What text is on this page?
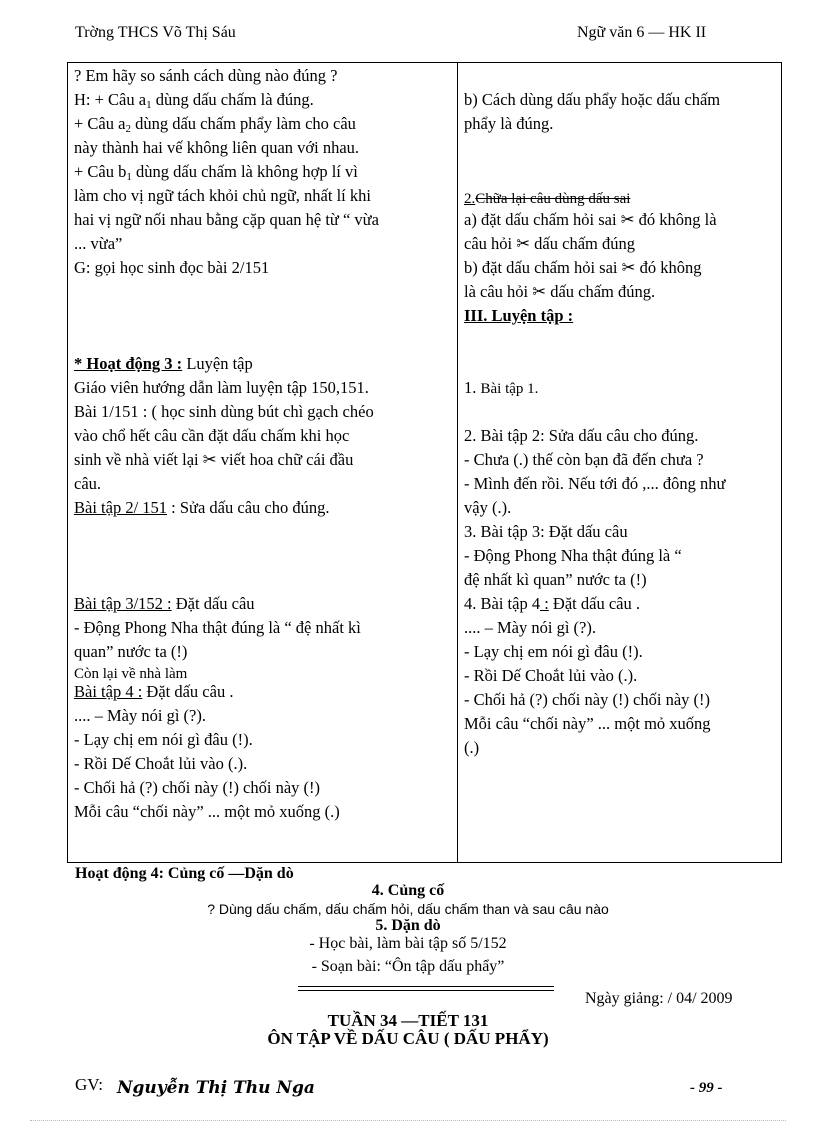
Trờng THCS Võ Thị Sáu	Ngữ văn 6 — HK II
? Em hãy so sánh cách dùng nào đúng ?
H: + Câu $a_1$ dùng dấu chấm là đúng.
+ Câu $a_2$ dùng dấu chấm phẩy làm cho câu
này thành hai vế không liên quan với nhau.
+ Câu $b_1$ dùng dấu chấm là không hợp lí vì
làm cho vị ngữ tách khỏi chủ ngữ, nhất lí khi
hai vị ngữ nối nhau bằng cặp quan hệ từ “ vừa
... vừa”
G: gọi học sinh đọc bài 2/151
* Hoạt động 3 : Luyện tập
Giáo viên hướng dẫn làm luyện tập 150,151.
Bài 1/151 : ( học sinh dùng bút chì gạch chéo
vào chổ hết câu cần đặt dấu chấm khi học
sinh về nhà viết lại ✂ viết hoa chữ cái đầu
câu.
Bài tập 2/ 151 : Sửa dấu câu cho đúng.
Bài tập 3/152 : Đặt dấu câu
- Động Phong Nha thật đúng là “ đệ nhất kì
quan” nước ta (!)
Còn lại về nhà làm
Bài tập 4 : Đặt dấu câu .
.... – Mày nói gì (?).
- Lạy chị em nói gì đâu (!).
- Rồi Dế Choắt lủi vào (.).
- Chối hả (?) chối này (!) chối này (!)
Mỗi câu “chối này” ... một mỏ xuống (.)

b) Cách dùng dấu phẩy hoặc dấu chấm
phẩy là đúng.
2.Chữa lại câu dùng dấu sai
a) đặt dấu chấm hỏi sai ✂ đó không là
câu hỏi ✂ dấu chấm đúng
b) đặt dấu chấm hỏi sai ✂ đó không
là câu hỏi ✂ dấu chấm đúng.
III. Luyện tập :
1. Bài tập 1.
2. Bài tập 2: Sửa dấu câu cho đúng.
- Chưa (.) thế còn bạn đã đến chưa ?
- Mình đến rồi. Nếu tới đó ,... đông như
vậy (.).
3. Bài tập 3: Đặt dấu câu
- Động Phong Nha thật đúng là “
đệ nhất kì quan” nước ta (!)
4. Bài tập 4 : Đặt dấu câu .
.... – Mày nói gì (?).
- Lạy chị em nói gì đâu (!).
- Rồi Dế Choắt lủi vào (.).
- Chối hả (?) chối này (!) chối này (!)
Mỗi câu “chối này” ... một mỏ xuống
(.)
Hoạt động 4: Củng cố —Dặn dò
4. Củng cố
? Dùng dấu chấm, dấu chấm hỏi, dấu chấm than và sau câu nào
5. Dặn dò
- Học bài, làm bài tập số 5/152
- Soạn bài: “Ôn tập dấu phẩy”
Ngày giảng: / 04/ 2009
TUẦN 34 —TIẾT 131
ÔN TẬP VỀ DẤU CÂU ( DẤU PHẨY)
GV: Nguyễn Thị Thu Nga	- 99 -
